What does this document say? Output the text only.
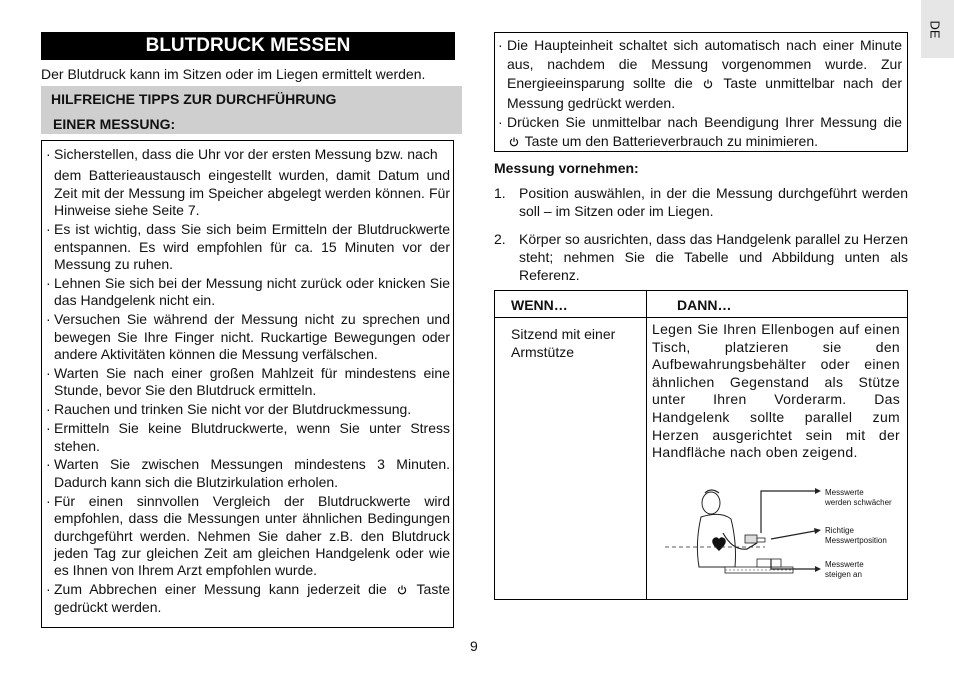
BLUTDRUCK MESSEN
Der Blutdruck kann im Sitzen oder im Liegen ermittelt werden.
HILFREICHE TIPPS ZUR DURCHFÜHRUNG
EINER MESSUNG:
· Sicherstellen, dass die Uhr vor der ersten Messung bzw. nach
dem Batterieaustausch eingestellt wurden, damit Datum und Zeit mit der Messung im Speicher abgelegt werden können. Für Hinweise siehe Seite 7.
· Es ist wichtig, dass Sie sich beim Ermitteln der Blutdruckwerte entspannen. Es wird empfohlen für ca. 15 Minuten vor der Messung zu ruhen.
· Lehnen Sie sich bei der Messung nicht zurück oder knicken Sie das Handgelenk nicht ein.
· Versuchen Sie während der Messung nicht zu sprechen und bewegen Sie Ihre Finger nicht. Ruckartige Bewegungen oder andere Aktivitäten können die Messung verfälschen.
· Warten Sie nach einer großen Mahlzeit für mindestens eine Stunde, bevor Sie den Blutdruck ermitteln.
· Rauchen und trinken Sie nicht vor der Blutdruckmessung.
· Ermitteln Sie keine Blutdruckwerte, wenn Sie unter Stress stehen.
· Warten Sie zwischen Messungen mindestens 3 Minuten. Dadurch kann sich die Blutzirkulation erholen.
· Für einen sinnvollen Vergleich der Blutdruckwerte wird empfohlen, dass die Messungen unter ähnlichen Bedingungen durchgeführt werden. Nehmen Sie daher z.B. den Blutdruck jeden Tag zur gleichen Zeit am gleichen Handgelenk oder wie es Ihnen von Ihrem Arzt empfohlen wurde.
· Zum Abbrechen einer Messung kann jederzeit die Taste gedrückt werden.
9
DE
· Die Haupteinheit schaltet sich automatisch nach einer Minute aus, nachdem die Messung vorgenommen wurde. Zur Energieeinsparung sollte die Taste unmittelbar nach der Messung gedrückt werden.
· Drücken Sie unmittelbar nach Beendigung Ihrer Messung die  Taste um den Batterieverbrauch zu minimieren.
Messung vornehmen:
1. Position auswählen, in der die Messung durchgeführt werden soll – im Sitzen oder im Liegen.
2. Körper so ausrichten, dass das Handgelenk parallel zu Herzen steht; nehmen Sie die Tabelle und Abbildung unten als Referenz.
WENN…	DANN…
Sitzend mit einer Armstütze
Legen Sie Ihren Ellenbogen auf einen Tisch, platzieren sie den Aufbewahrungsbehälter oder einen ähnlichen Gegenstand als Stütze unter Ihren Vorderarm. Das Handgelenk sollte parallel zum Herzen ausgerichtet sein mit der Handfläche nach oben zeigend.
Messwerte
werden schwächer
Richtige
Messwertposition
Messwerte
steigen an
